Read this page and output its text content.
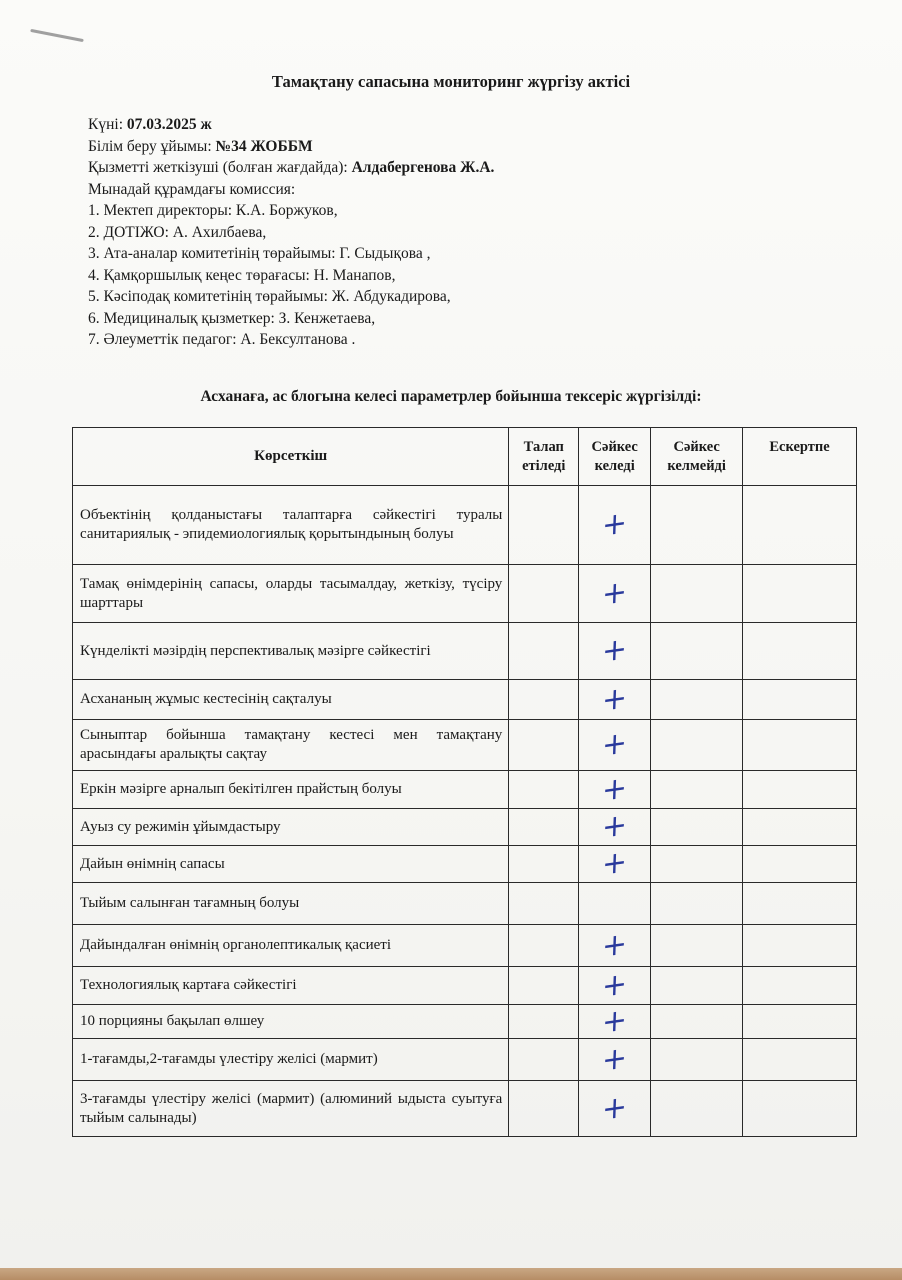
Тамақтану сапасына мониторинг жүргізу актісі
Күні: 07.03.2025 ж
Білім беру ұйымы: №34 ЖОББМ
Қызметті жеткізуші (болған жағдайда): Алдабергенова Ж.А.
Мынадай құрамдағы комиссия:
1. Мектеп директоры: К.А. Боржуков,
2. ДОТІЖО: А. Ахилбаева,
3. Ата-аналар комитетінің төрайымы: Г. Сыдықова ,
4. Қамқоршылық кеңес төрағасы: Н. Манапов,
5. Кәсіподақ комитетінің төрайымы: Ж. Абдукадирова,
6. Медициналық қызметкер: З. Кенжетаева,
7. Әлеуметтік педагог: А. Бексултанова .
Асханаға, ас блогына келесі параметрлер бойынша тексеріс жүргізілді:
Көрсеткіш	Талап етіледі	Сәйкес келеді	Сәйкес келмейді	Ескертпе

Объектінің қолданыстағы талаптарға сәйкестігі туралы санитариялық - эпидемиологиялық қорытындының болуы		+		

Тамақ өнімдерінің сапасы, оларды тасымалдау, жеткізу, түсіру шарттары		+		

Күнделікті мәзірдің перспективалық мәзірге сәйкестігі		+		

Асхананың жұмыс кестесінің сақталуы		+		

Сыныптар бойынша тамақтану кестесі мен тамақтану арасындағы аралықты сақтау		+		

Еркін мәзірге арналып бекітілген прайстың болуы		+		

Ауыз су режимін ұйымдастыру		+		

Дайын өнімнің сапасы		+		

Тыйым салынған тағамның болуы				

Дайындалған өнімнің органолептикалық қасиеті		+		

Технологиялық картаға сәйкестігі		+		

10 порцияны бақылап өлшеу		+		

1-тағамды,2-тағамды үлестіру желісі (мармит)		+		

3-тағамды үлестіру желісі (мармит) (алюминий ыдыста суытуға тыйым салынады)		+		
